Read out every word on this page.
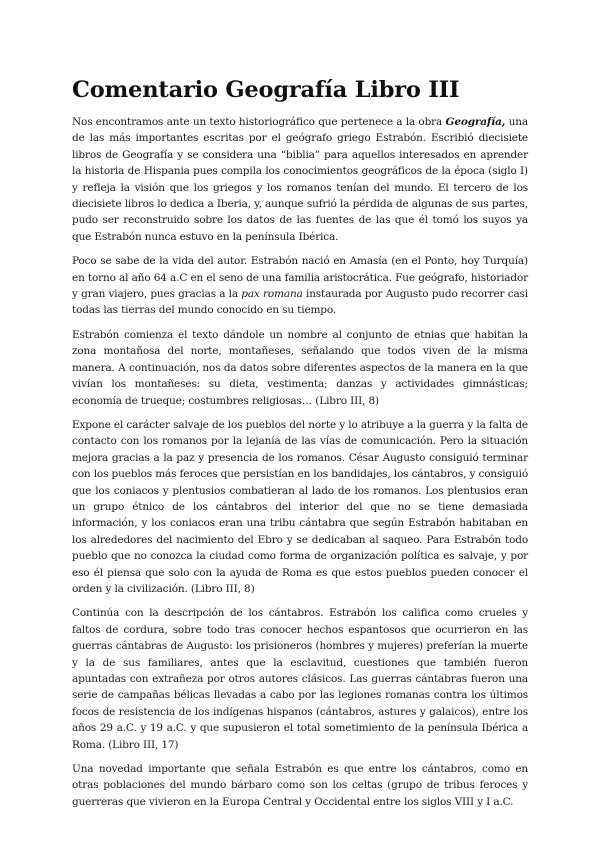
Comentario Geografía Libro III

Nos encontramos ante un texto historiográfico que pertenece a la obra Geografía, una de las más importantes escritas por el geógrafo griego Estrabón. Escribió diecisiete libros de Geografía y se considera una “biblia” para aquellos interesados en aprender la historia de Hispania pues compila los conocimientos geográficos de la época (siglo I) y refleja la visión que los griegos y los romanos tenían del mundo. El tercero de los diecisiete libros lo dedica a Iberia, y, aunque sufrió la pérdida de algunas de sus partes, pudo ser reconstruido sobre los datos de las fuentes de las que él tomó los suyos ya que Estrabón nunca estuvo en la península Ibérica.

Poco se sabe de la vida del autor. Estrabón nació en Amasía (en el Ponto, hoy Turquía) en torno al año 64 a.C en el seno de una familia aristocrática. Fue geógrafo, historiador y gran viajero, pues gracias a la pax romana instaurada por Augusto pudo recorrer casi todas las tierras del mundo conocido en su tiempo.

Estrabón comienza el texto dándole un nombre al conjunto de etnias que habitan la zona montañosa del norte, montañeses, señalando que todos viven de la misma manera. A continuación, nos da datos sobre diferentes aspectos de la manera en la que vivían los montañeses: su dieta, vestimenta; danzas y actividades gimnásticas; economía de trueque; costumbres religiosas… (Libro III, 8)

Expone el carácter salvaje de los pueblos del norte y lo atribuye a la guerra y la falta de contacto con los romanos por la lejanía de las vías de comunicación. Pero la situación mejora gracias a la paz y presencia de los romanos. César Augusto consiguió terminar con los pueblos más feroces que persistían en los bandidajes, los cántabros, y consiguió que los coniacos y plentusios combatieran al lado de los romanos. Los plentusios eran un grupo étnico de los cántabros del interior del que no se tiene demasiada información, y los coniacos eran una tribu cántabra que según Estrabón habitaban en los alrededores del nacimiento del Ebro y se dedicaban al saqueo. Para Estrabón todo pueblo que no conozca la ciudad como forma de organización política es salvaje, y por eso él piensa que solo con la ayuda de Roma es que estos pueblos pueden conocer el orden y la civilización. (Libro III, 8)

Continúa con la descripción de los cántabros. Estrabón los califica como crueles y faltos de cordura, sobre todo tras conocer hechos espantosos que ocurrieron en las guerras cántabras de Augusto: los prisioneros (hombres y mujeres) preferían la muerte y la de sus familiares, antes que la esclavitud, cuestiones que también fueron apuntadas con extrañeza por otros autores clásicos. Las guerras cántabras fueron una serie de campañas bélicas llevadas a cabo por las legiones romanas contra los últimos focos de resistencia de los indígenas hispanos (cántabros, astures y galaicos), entre los años 29 a.C. y 19 a.C. y que supusieron el total sometimiento de la península Ibérica a Roma. (Libro III, 17)

Una novedad importante que señala Estrabón es que entre los cántabros, como en otras poblaciones del mundo bárbaro como son los celtas (grupo de tribus feroces y guerreras que vivieron en la Europa Central y Occidental entre los siglos VIII y I a.C.
